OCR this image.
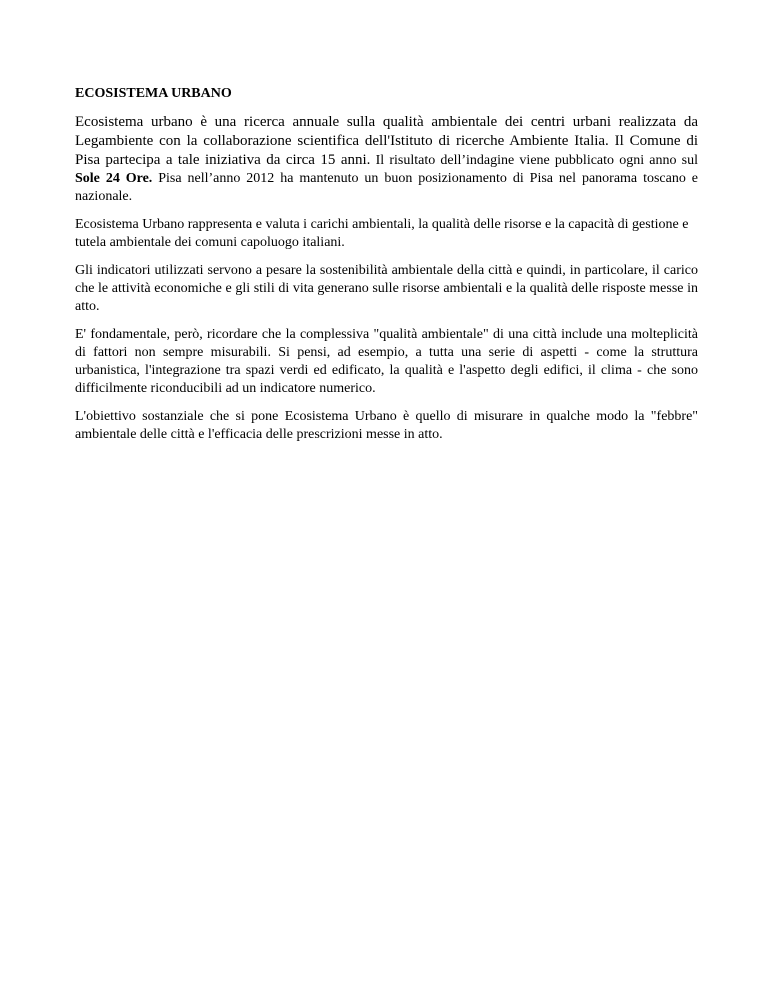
ECOSISTEMA URBANO

Ecosistema urbano è una ricerca annuale sulla qualità ambientale dei centri urbani realizzata da Legambiente con la collaborazione scientifica dell'Istituto di ricerche Ambiente Italia. Il Comune di Pisa partecipa a tale iniziativa da circa 15 anni. Il risultato dell’indagine viene pubblicato ogni anno sul Sole 24 Ore. Pisa nell’anno 2012 ha mantenuto un buon posizionamento di Pisa nel panorama toscano e nazionale.

Ecosistema Urbano rappresenta e valuta i carichi ambientali, la qualità delle risorse e la capacità di gestione e tutela ambientale dei comuni capoluogo italiani.

Gli indicatori utilizzati servono a pesare la sostenibilità ambientale della città e quindi, in particolare, il carico che le attività economiche e gli stili di vita generano sulle risorse ambientali e la qualità delle risposte messe in atto.

E' fondamentale, però, ricordare che la complessiva "qualità ambientale" di una città include una molteplicità di fattori non sempre misurabili. Si pensi, ad esempio, a tutta una serie di aspetti - come la struttura urbanistica, l'integrazione tra spazi verdi ed edificato, la qualità e l'aspetto degli edifici, il clima - che sono difficilmente riconducibili ad un indicatore numerico.

L'obiettivo sostanziale che si pone Ecosistema Urbano è quello di misurare in qualche modo la "febbre" ambientale delle città e l'efficacia delle prescrizioni messe in atto.
